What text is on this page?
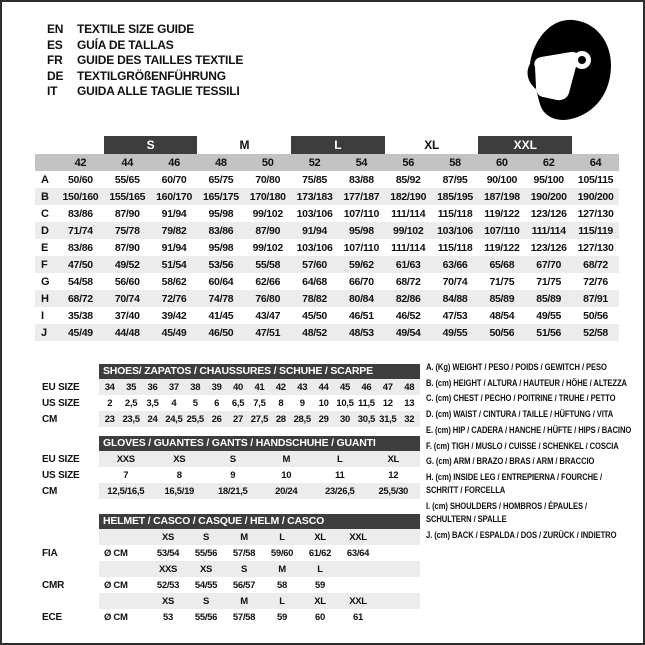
EN	TEXTILE SIZE GUIDE
ES	GUÍA DE TALLAS
FR	GUIDE DES TAILLES TEXTILE
DE	TEXTILGRÖßENFÜHRUNG
IT	GUIDA ALLE TAGLIE TESSILI

		S		M		L		XL		XXL		

	42	44	46	48	50	52	54	56	58	60	62	64
A	50/60	55/65	60/70	65/75	70/80	75/85	83/88	85/92	87/95	90/100	95/100	105/115
B	150/160	155/165	160/170	165/175	170/180	173/183	177/187	182/190	185/195	187/198	190/200	190/200
C	83/86	87/90	91/94	95/98	99/102	103/106	107/110	111/114	115/118	119/122	123/126	127/130
D	71/74	75/78	79/82	83/86	87/90	91/94	95/98	99/102	103/106	107/110	111/114	115/119
E	83/86	87/90	91/94	95/98	99/102	103/106	107/110	111/114	115/118	119/122	123/126	127/130
F	47/50	49/52	51/54	53/56	55/58	57/60	59/62	61/63	63/66	65/68	67/70	68/72
G	54/58	56/60	58/62	60/64	62/66	64/68	66/70	68/72	70/74	71/75	71/75	72/76
H	68/72	70/74	72/76	74/78	76/80	78/82	80/84	82/86	84/88	85/89	85/89	87/91
I	35/38	37/40	39/42	41/45	43/47	45/50	46/51	46/52	47/53	48/54	49/55	50/56
J	45/49	44/48	45/49	46/50	47/51	48/52	48/53	49/54	49/55	50/56	51/56	52/58
SHOES/ ZAPATOS / CHAUSSURES / SCHUHE / SCARPE
EU SIZE	34	35	36	37	38	39	40	41	42	43	44	45	46	47	48
US SIZE	2	2,5	3,5	4	5	6	6,5	7,5	8	9	10	10,5	11,5	12	13
CM	23	23,5	24	24,5	25,5	26	27	27,5	28	28,5	29	30	30,5	31,5	32
GLOVES / GUANTES / GANTS / HANDSCHUHE / GUANTI
EU SIZE	XXS	XS	S	M	L	XL
US SIZE	7	8	9	10	11	12
CM	12,5/16,5	16,5/19	18/21,5	20/24	23/26,5	25,5/30
HELMET / CASCO / CASQUE / HELM / CASCO
		XS	S	M	L	XL	XXL	
FIA	Ø CM	53/54	55/56	57/58	59/60	61/62	63/64	
		XXS	XS	S	M	L		
CMR	Ø CM	52/53	54/55	56/57	58	59		
		XS	S	M	L	XL	XXL	
ECE	Ø CM	53	55/56	57/58	59	60	61	
A. (Kg) WEIGHT / PESO / POIDS / GEWITCH / PESO
B. (cm) HEIGHT / ALTURA / HAUTEUR / HÖHE / ALTEZZA
C. (cm) CHEST / PECHO / POITRINE / TRUHE / PETTO
D. (cm) WAIST / CINTURA / TAILLE / HÜFTUNG / VITA
E. (cm) HIP / CADERA / HANCHE / HÜFTE / HIPS / BACINO
F. (cm) TIGH / MUSLO / CUISSE / SCHENKEL / COSCIA
G. (cm) ARM / BRAZO / BRAS / ARM / BRACCIO
H. (cm) INSIDE LEG / ENTREPIERNA / FOURCHE /
SCHRITT / FORCELLA
I. (cm) SHOULDERS / HOMBROS / ÉPAULES /
SCHULTERN / SPALLE
J. (cm) BACK / ESPALDA / DOS / ZURÜCK / INDIETRO
